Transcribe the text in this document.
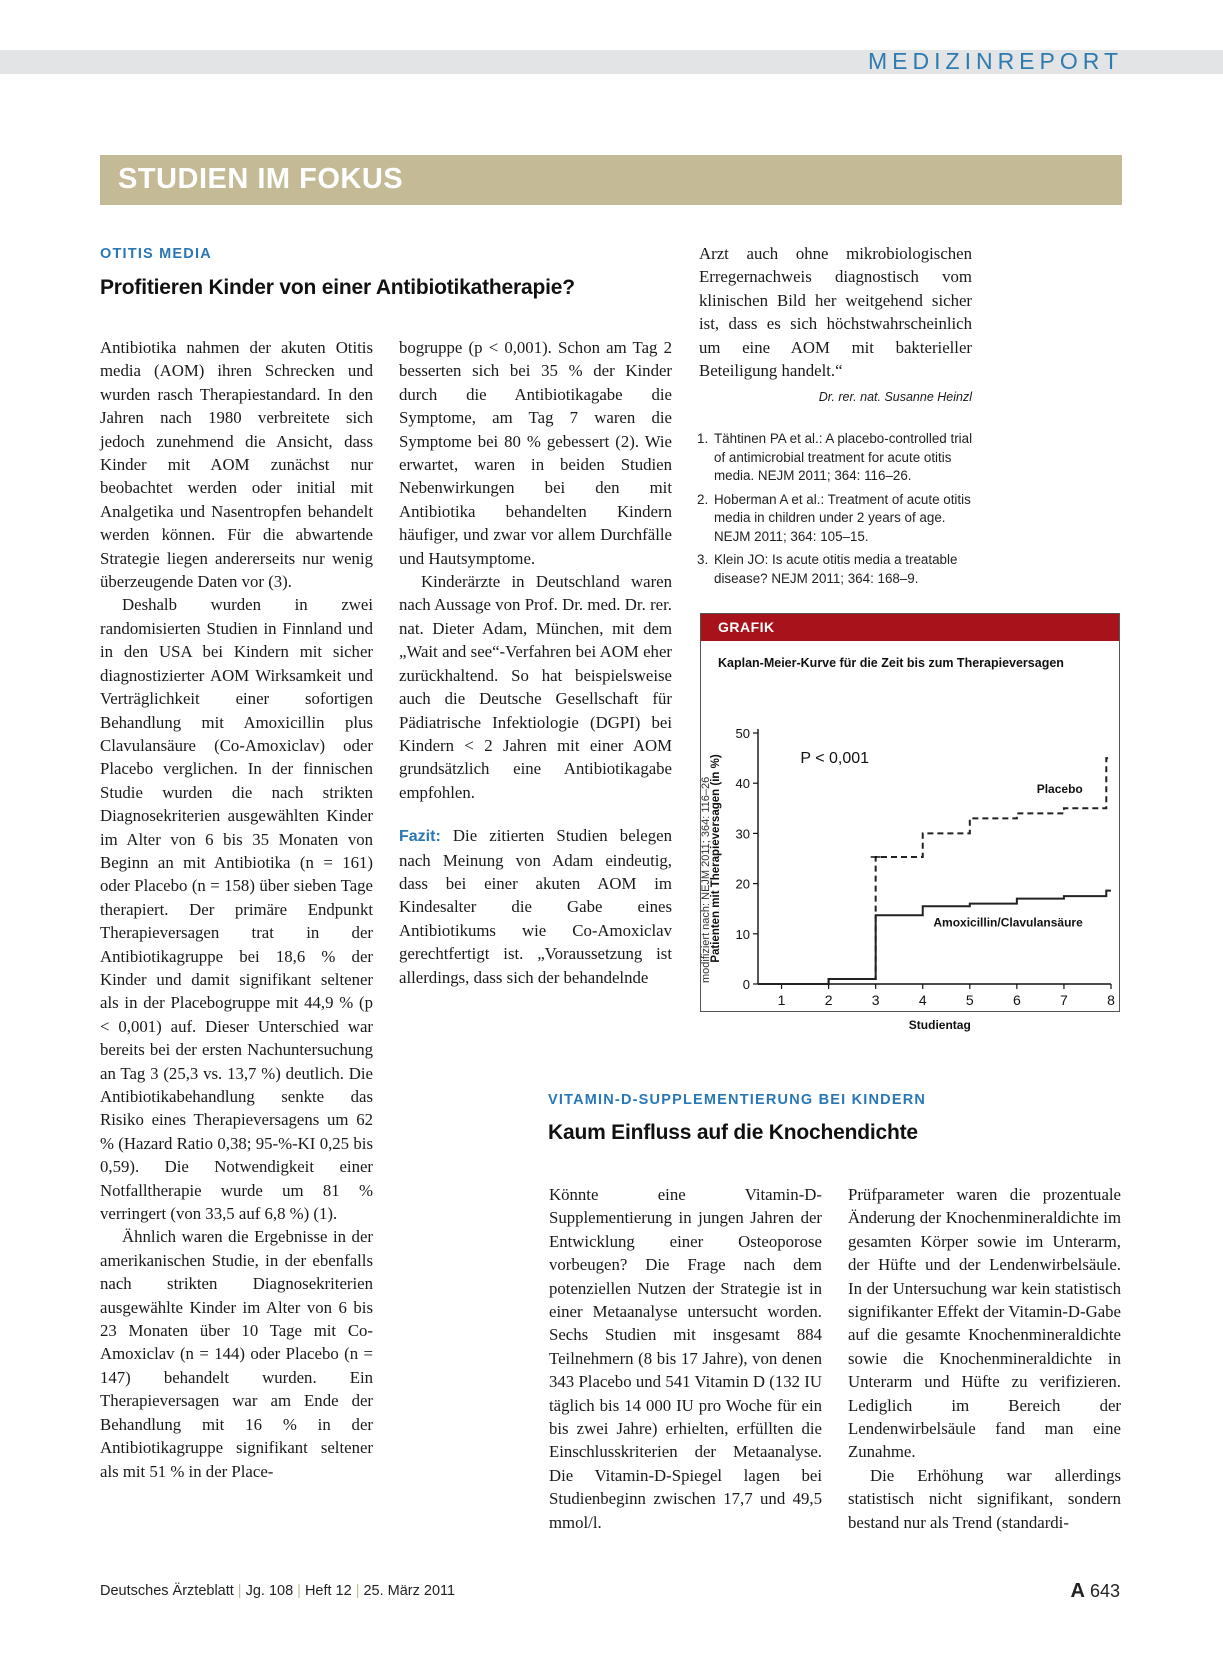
MEDIZINREPORT
STUDIEN IM FOKUS
OTITIS MEDIA
Profitieren Kinder von einer Antibiotikatherapie?

Antibiotika nahmen der akuten Otitis media (AOM) ihren Schrecken und wurden rasch Therapiestandard. In den Jahren nach 1980 verbreitete sich jedoch zunehmend die Ansicht, dass Kinder mit AOM zunächst nur beobachtet werden oder initial mit Analgetika und Nasentropfen behandelt werden können. Für die abwartende Strategie liegen andererseits nur wenig überzeugende Daten vor (3).

Deshalb wurden in zwei randomisierten Studien in Finnland und in den USA bei Kindern mit sicher diagnostizierter AOM Wirksamkeit und Verträglichkeit einer sofortigen Behandlung mit Amoxicillin plus Clavulansäure (Co-Amoxiclav) oder Placebo verglichen. In der finnischen Studie wurden die nach strikten Diagnosekriterien ausgewählten Kinder im Alter von 6 bis 35 Monaten von Beginn an mit Antibiotika (n = 161) oder Placebo (n = 158) über sieben Tage therapiert. Der primäre Endpunkt Therapieversagen trat in der Antibiotikagruppe bei 18,6 % der Kinder und damit signifikant seltener als in der Placebogruppe mit 44,9 % (p < 0,001) auf. Dieser Unterschied war bereits bei der ersten Nachuntersuchung an Tag 3 (25,3 vs. 13,7 %) deutlich. Die Antibiotikabehandlung senkte das Risiko eines Therapieversagens um 62 % (Hazard Ratio 0,38; 95-%-KI 0,25 bis 0,59). Die Notwendigkeit einer Notfalltherapie wurde um 81 % verringert (von 33,5 auf 6,8 %) (1).

Ähnlich waren die Ergebnisse in der amerikanischen Studie, in der ebenfalls nach strikten Diagnosekriterien ausgewählte Kinder im Alter von 6 bis 23 Monaten über 10 Tage mit Co-Amoxiclav (n = 144) oder Placebo (n = 147) behandelt wurden. Ein Therapieversagen war am Ende der Behandlung mit 16 % in der Antibiotikagruppe signifikant seltener als mit 51 % in der Place-

bogruppe (p < 0,001). Schon am Tag 2 besserten sich bei 35 % der Kinder durch die Antibiotikagabe die Symptome, am Tag 7 waren die Symptome bei 80 % gebessert (2). Wie erwartet, waren in beiden Studien Nebenwirkungen bei den mit Antibiotika behandelten Kindern häufiger, und zwar vor allem Durchfälle und Hautsymptome.

Kinderärzte in Deutschland waren nach Aussage von Prof. Dr. med. Dr. rer. nat. Dieter Adam, München, mit dem „Wait and see“-Verfahren bei AOM eher zurückhaltend. So hat beispielsweise auch die Deutsche Gesellschaft für Pädiatrische Infektiologie (DGPI) bei Kindern < 2 Jahren mit einer AOM grundsätzlich eine Antibiotikagabe empfohlen.

Fazit: Die zitierten Studien belegen nach Meinung von Adam eindeutig, dass bei einer akuten AOM im Kindesalter die Gabe eines Antibiotikums wie Co-Amoxiclav gerechtfertigt ist. „Voraussetzung ist allerdings, dass sich der behandelnde

Arzt auch ohne mikrobiologischen Erregernachweis diagnostisch vom klinischen Bild her weitgehend sicher ist, dass es sich höchstwahrscheinlich um eine AOM mit bakterieller Beteiligung handelt.“

Dr. rer. nat. Susanne Heinzl
1. Tähtinen PA et al.: A placebo-controlled trial of antimicrobial treatment for acute otitis media. NEJM 2011; 364: 116–26.
2. Hoberman A et al.: Treatment of acute otitis media in children under 2 years of age. NEJM 2011; 364: 105–15.
3. Klein JO: Is acute otitis media a treatable disease? NEJM 2011; 364: 168–9.
GRAFIK
Kaplan-Meier-Kurve für die Zeit bis zum Therapieversagen
Patienten mit Therapieversagen (in %)
Studientag
P < 0,001
0
10
20
30
40
50
1	2	3	4	5	6	7	8
Placebo
Amoxicillin/Clavulansäure
modifiziert nach: NEJM 2011; 364: 116–26
VITAMIN-D-SUPPLEMENTIERUNG BEI KINDERN
Kaum Einfluss auf die Knochendichte

Könnte eine Vitamin-D-Supplementierung in jungen Jahren der Entwicklung einer Osteoporose vorbeugen? Die Frage nach dem potenziellen Nutzen der Strategie ist in einer Metaanalyse untersucht worden. Sechs Studien mit insgesamt 884 Teilnehmern (8 bis 17 Jahre), von denen 343 Placebo und 541 Vitamin D (132 IU täglich bis 14 000 IU pro Woche für ein bis zwei Jahre) erhielten, erfüllten die Einschlusskriterien der Metaanalyse. Die Vitamin-D-Spiegel lagen bei Studienbeginn zwischen 17,7 und 49,5 mmol/l.

Prüfparameter waren die prozentuale Änderung der Knochenmineraldichte im gesamten Körper sowie im Unterarm, der Hüfte und der Lendenwirbelsäule. In der Untersuchung war kein statistisch signifikanter Effekt der Vitamin-D-Gabe auf die gesamte Knochenmineraldichte sowie die Knochenmineraldichte in Unterarm und Hüfte zu verifizieren. Lediglich im Bereich der Lendenwirbelsäule fand man eine Zunahme.

Die Erhöhung war allerdings statistisch nicht signifikant, sondern bestand nur als Trend (standardi-

Deutsches Ärzteblatt | Jg. 108 | Heft 12 | 25. März 2011	A 643
